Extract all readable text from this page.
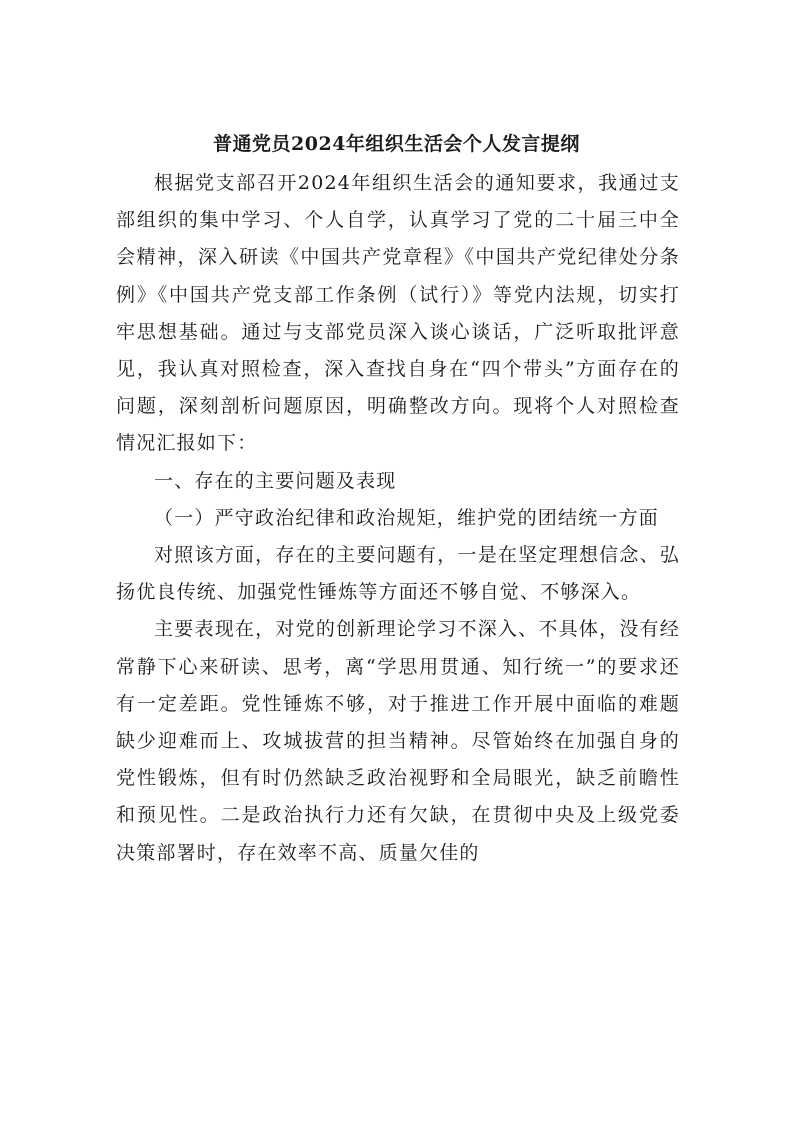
普通党员2024年组织生活会个人发言提纲

根据党支部召开2024年组织生活会的通知要求，我通过支部组织的集中学习、个人自学，认真学习了党的二十届三中全会精神，深入研读《中国共产党章程》《中国共产党纪律处分条例》《中国共产党支部工作条例（试行）》等党内法规，切实打牢思想基础。通过与支部党员深入谈心谈话，广泛听取批评意见，我认真对照检查，深入查找自身在“四个带头”方面存在的问题，深刻剖析问题原因，明确整改方向。现将个人对照检查情况汇报如下：

一、存在的主要问题及表现

（一）严守政治纪律和政治规矩，维护党的团结统一方面

对照该方面，存在的主要问题有，一是在坚定理想信念、弘扬优良传统、加强党性锤炼等方面还不够自觉、不够深入。

主要表现在，对党的创新理论学习不深入、不具体，没有经常静下心来研读、思考，离“学思用贯通、知行统一”的要求还有一定差距。党性锤炼不够，对于推进工作开展中面临的难题缺少迎难而上、攻城拔营的担当精神。尽管始终在加强自身的党性锻炼，但有时仍然缺乏政治视野和全局眼光，缺乏前瞻性和预见性。二是政治执行力还有欠缺，在贯彻中央及上级党委决策部署时，存在效率不高、质量欠佳的
